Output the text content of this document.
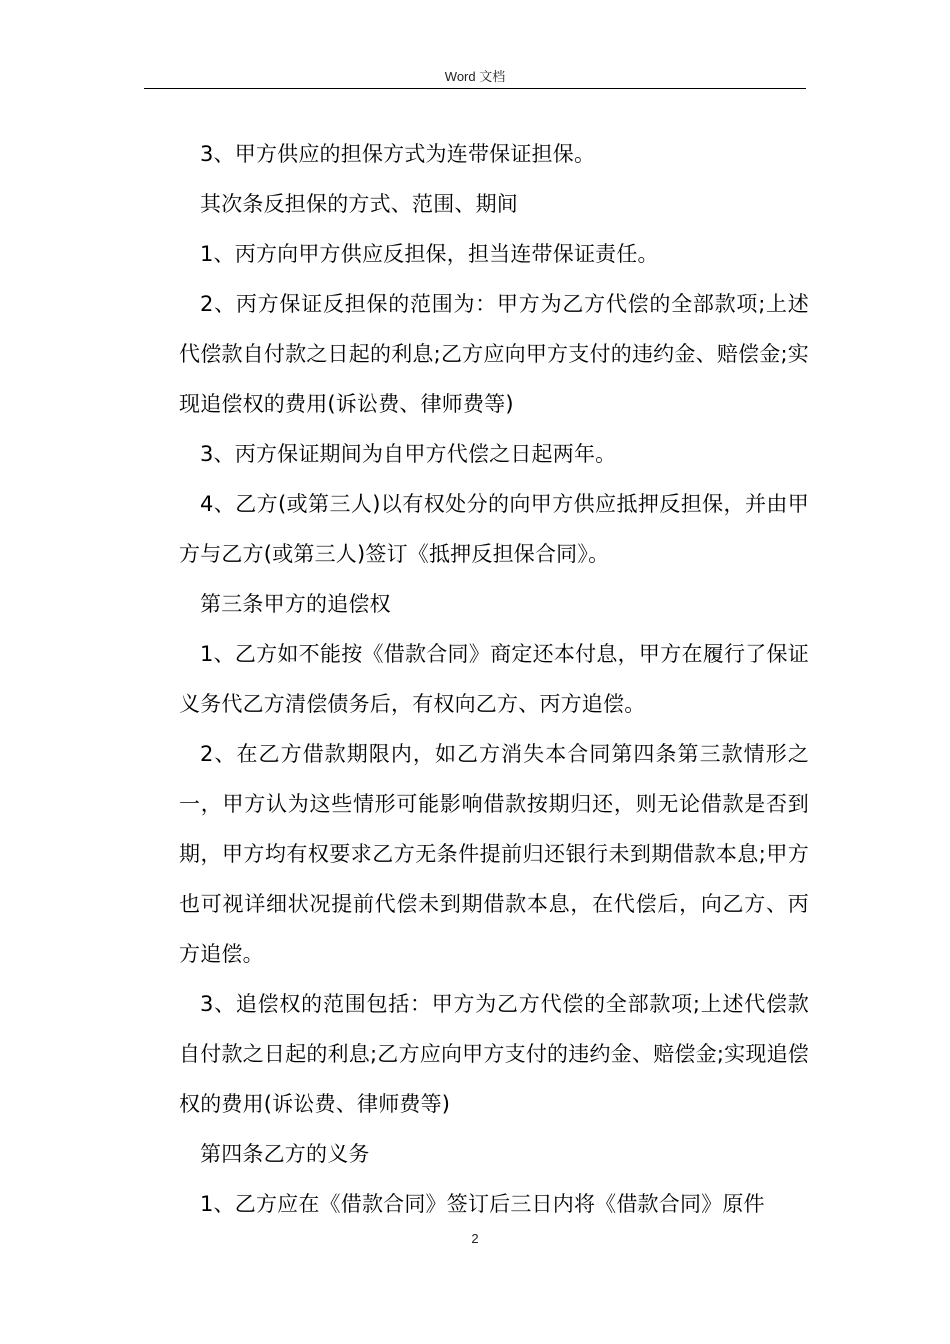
Word 文档

3、甲方供应的担保方式为连带保证担保。

其次条反担保的方式、范围、期间

1、丙方向甲方供应反担保，担当连带保证责任。

2、丙方保证反担保的范围为：甲方为乙方代偿的全部款项;上述代偿款自付款之日起的利息;乙方应向甲方支付的违约金、赔偿金;实现追偿权的费用(诉讼费、律师费等)

3、丙方保证期间为自甲方代偿之日起两年。

4、乙方(或第三人)以有权处分的向甲方供应抵押反担保，并由甲方与乙方(或第三人)签订《抵押反担保合同》。

第三条甲方的追偿权

1、乙方如不能按《借款合同》商定还本付息，甲方在履行了保证义务代乙方清偿债务后，有权向乙方、丙方追偿。

2、在乙方借款期限内，如乙方消失本合同第四条第三款情形之一，甲方认为这些情形可能影响借款按期归还，则无论借款是否到期，甲方均有权要求乙方无条件提前归还银行未到期借款本息;甲方也可视详细状况提前代偿未到期借款本息，在代偿后，向乙方、丙方追偿。

3、追偿权的范围包括：甲方为乙方代偿的全部款项;上述代偿款自付款之日起的利息;乙方应向甲方支付的违约金、赔偿金;实现追偿权的费用(诉讼费、律师费等)

第四条乙方的义务

1、乙方应在《借款合同》签订后三日内将《借款合同》原件

2
